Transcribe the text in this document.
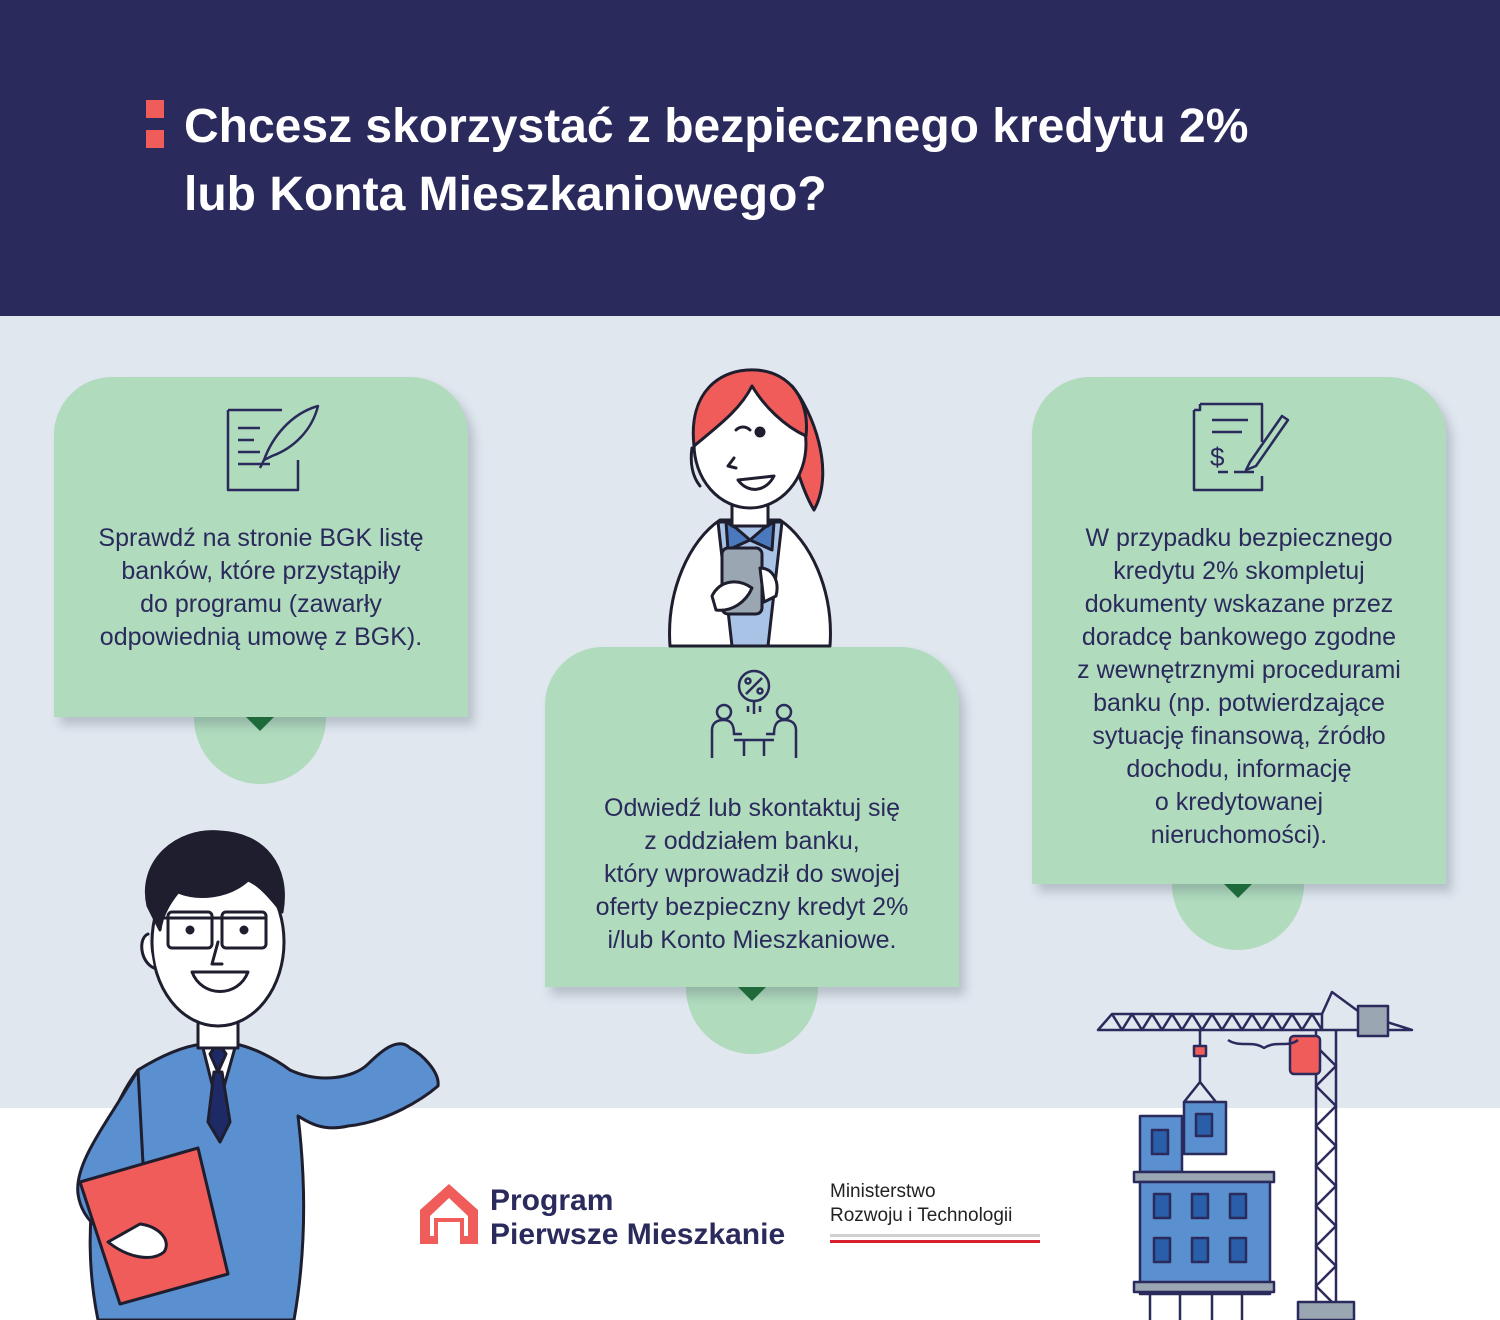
Chcesz skorzystać z bezpiecznego kredytu 2%
lub Konta Mieszkaniowego?
Sprawdź na stronie BGK listę
banków, które przystąpiły
do programu (zawarły
odpowiednią umowę z BGK).
Odwiedź lub skontaktuj się
z oddziałem banku,
który wprowadził do swojej
oferty bezpieczny kredyt 2%
i/lub Konto Mieszkaniowe.
$
W przypadku bezpiecznego
kredytu 2% skompletuj
dokumenty wskazane przez
doradcę bankowego zgodne
z wewnętrznymi procedurami
banku (np. potwierdzające
sytuację finansową, źródło
dochodu, informację
o kredytowanej
nieruchomości).
Program
Pierwsze Mieszkanie
Ministerstwo
Rozwoju i Technologii
